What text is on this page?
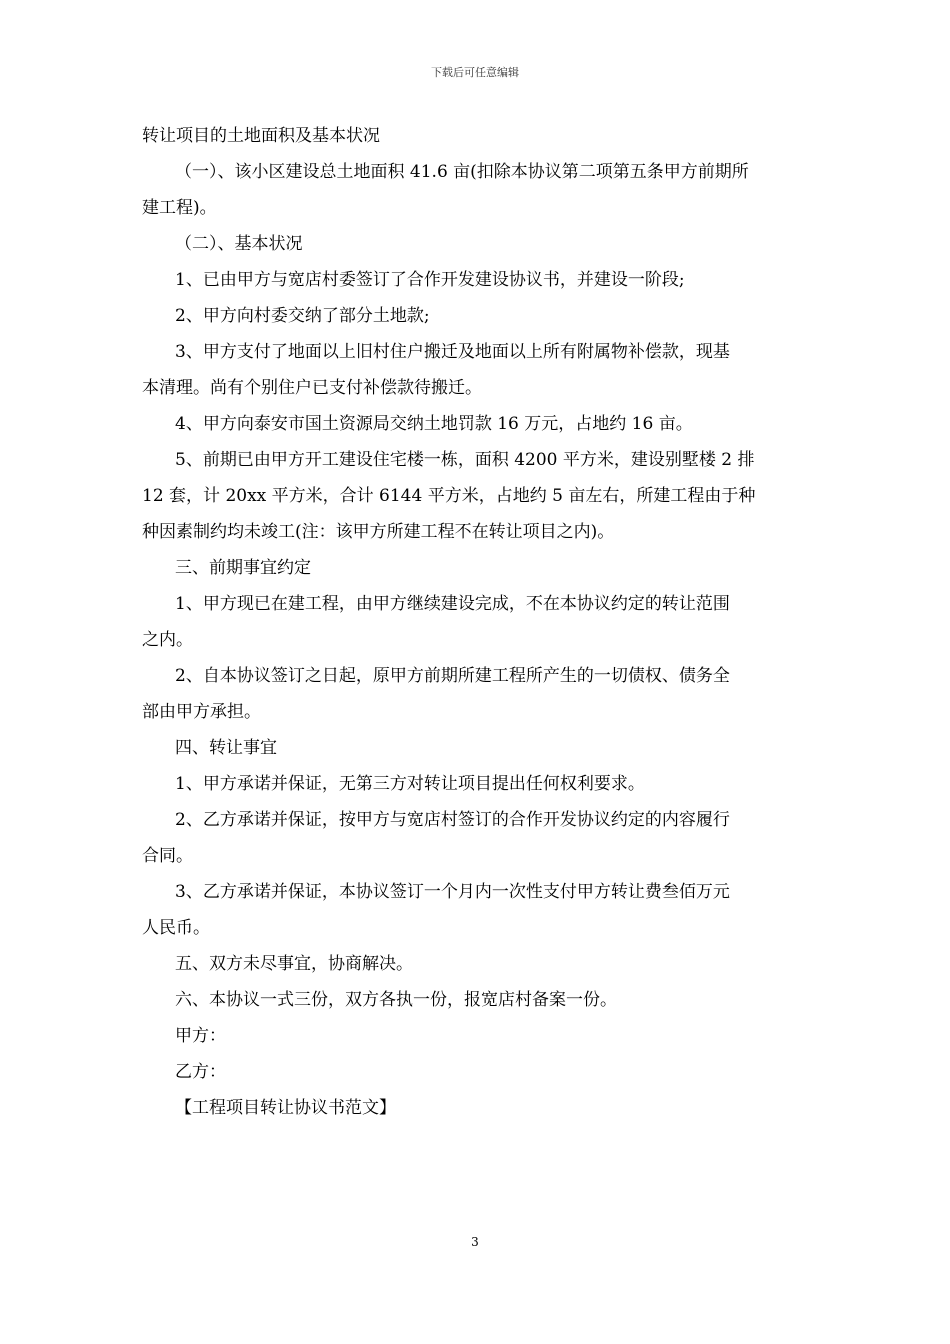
下载后可任意编辑

转让项目的土地面积及基本状况

（一）、该小区建设总土地面积 41.6 亩(扣除本协议第二项第五条甲方前期所

建工程)。

（二）、基本状况

1、已由甲方与宽店村委签订了合作开发建设协议书，并建设一阶段;

2、甲方向村委交纳了部分土地款;

3、甲方支付了地面以上旧村住户搬迁及地面以上所有附属物补偿款，现基

本清理。尚有个别住户已支付补偿款待搬迁。

4、甲方向泰安市国土资源局交纳土地罚款 16 万元，占地约 16 亩。

5、前期已由甲方开工建设住宅楼一栋，面积 4200 平方米，建设别墅楼 2 排

12 套，计 20xx 平方米，合计 6144 平方米，占地约 5 亩左右，所建工程由于种

种因素制约均未竣工(注：该甲方所建工程不在转让项目之内)。

三、前期事宜约定

1、甲方现已在建工程，由甲方继续建设完成，不在本协议约定的转让范围

之内。

2、自本协议签订之日起，原甲方前期所建工程所产生的一切债权、债务全

部由甲方承担。

四、转让事宜

1、甲方承诺并保证，无第三方对转让项目提出任何权利要求。

2、乙方承诺并保证，按甲方与宽店村签订的合作开发协议约定的内容履行

合同。

3、乙方承诺并保证，本协议签订一个月内一次性支付甲方转让费叁佰万元

人民币。

五、双方未尽事宜，协商解决。

六、本协议一式三份，双方各执一份，报宽店村备案一份。

甲方：

乙方：

【工程项目转让协议书范文】

3
